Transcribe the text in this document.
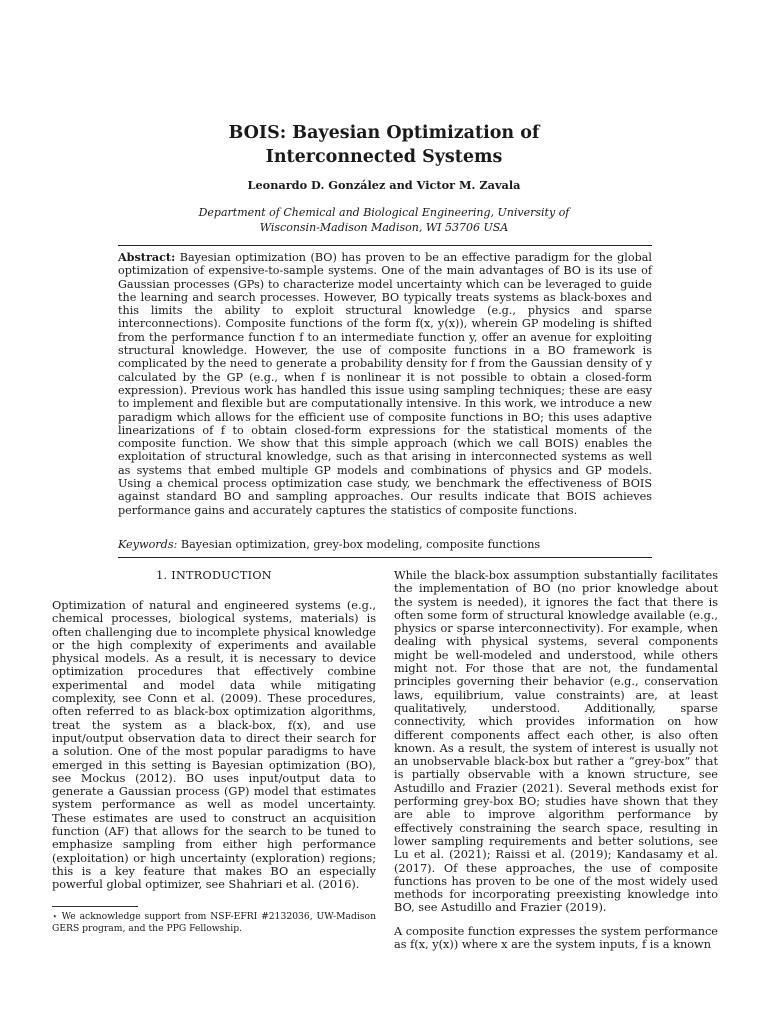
BOIS: Bayesian Optimization of
Interconnected Systems
Leonardo D. González and Victor M. Zavala
Department of Chemical and Biological Engineering, University of
Wisconsin-Madison Madison, WI 53706 USA
Abstract: Bayesian optimization (BO) has proven to be an effective paradigm for the global optimization of expensive-to-sample systems. One of the main advantages of BO is its use of Gaussian processes (GPs) to characterize model uncertainty which can be leveraged to guide the learning and search processes. However, BO typically treats systems as black-boxes and this limits the ability to exploit structural knowledge (e.g., physics and sparse interconnections). Composite functions of the form f(x, y(x)), wherein GP modeling is shifted from the performance function f to an intermediate function y, offer an avenue for exploiting structural knowledge. However, the use of composite functions in a BO framework is complicated by the need to generate a probability density for f from the Gaussian density of y calculated by the GP (e.g., when f is nonlinear it is not possible to obtain a closed-form expression). Previous work has handled this issue using sampling techniques; these are easy to implement and flexible but are computationally intensive. In this work, we introduce a new paradigm which allows for the efficient use of composite functions in BO; this uses adaptive linearizations of f to obtain closed-form expressions for the statistical moments of the composite function. We show that this simple approach (which we call BOIS) enables the exploitation of structural knowledge, such as that arising in interconnected systems as well as systems that embed multiple GP models and combinations of physics and GP models. Using a chemical process optimization case study, we benchmark the effectiveness of BOIS against standard BO and sampling approaches. Our results indicate that BOIS achieves performance gains and accurately captures the statistics of composite functions.
Keywords: Bayesian optimization, grey-box modeling, composite functions
1. INTRODUCTION

Optimization of natural and engineered systems (e.g., chemical processes, biological systems, materials) is often challenging due to incomplete physical knowledge or the high complexity of experiments and available physical models. As a result, it is necessary to device optimization procedures that effectively combine experimental and model data while mitigating complexity, see Conn et al. (2009). These procedures, often referred to as black-box optimization algorithms, treat the system as a black-box, f(x), and use input/output observation data to direct their search for a solution. One of the most popular paradigms to have emerged in this setting is Bayesian optimization (BO), see Mockus (2012). BO uses input/output data to generate a Gaussian process (GP) model that estimates system performance as well as model uncertainty. These estimates are used to construct an acquisition function (AF) that allows for the search to be tuned to emphasize sampling from either high performance (exploitation) or high uncertainty (exploration) regions; this is a key feature that makes BO an especially powerful global optimizer, see Shahriari et al. (2016).

While the black-box assumption substantially facilitates the implementation of BO (no prior knowledge about the system is needed), it ignores the fact that there is often some form of structural knowledge available (e.g., physics or sparse interconnectivity). For example, when dealing with physical systems, several components might be well-modeled and understood, while others might not. For those that are not, the fundamental principles governing their behavior (e.g., conservation laws, equilibrium, value constraints) are, at least qualitatively, understood. Additionally, sparse connectivity, which provides information on how different components affect each other, is also often known. As a result, the system of interest is usually not an unobservable black-box but rather a “grey-box” that is partially observable with a known structure, see Astudillo and Frazier (2021). Several methods exist for performing grey-box BO; studies have shown that they are able to improve algorithm performance by effectively constraining the search space, resulting in lower sampling requirements and better solutions, see Lu et al. (2021); Raissi et al. (2019); Kandasamy et al. (2017). Of these approaches, the use of composite functions has proven to be one of the most widely used methods for incorporating preexisting knowledge into BO, see Astudillo and Frazier (2019).

A composite function expresses the system performance as f(x, y(x)) where x are the system inputs, f is a known

⋆ We acknowledge support from NSF-EFRI #2132036, UW-Madison GERS program, and the PPG Fellowship.
